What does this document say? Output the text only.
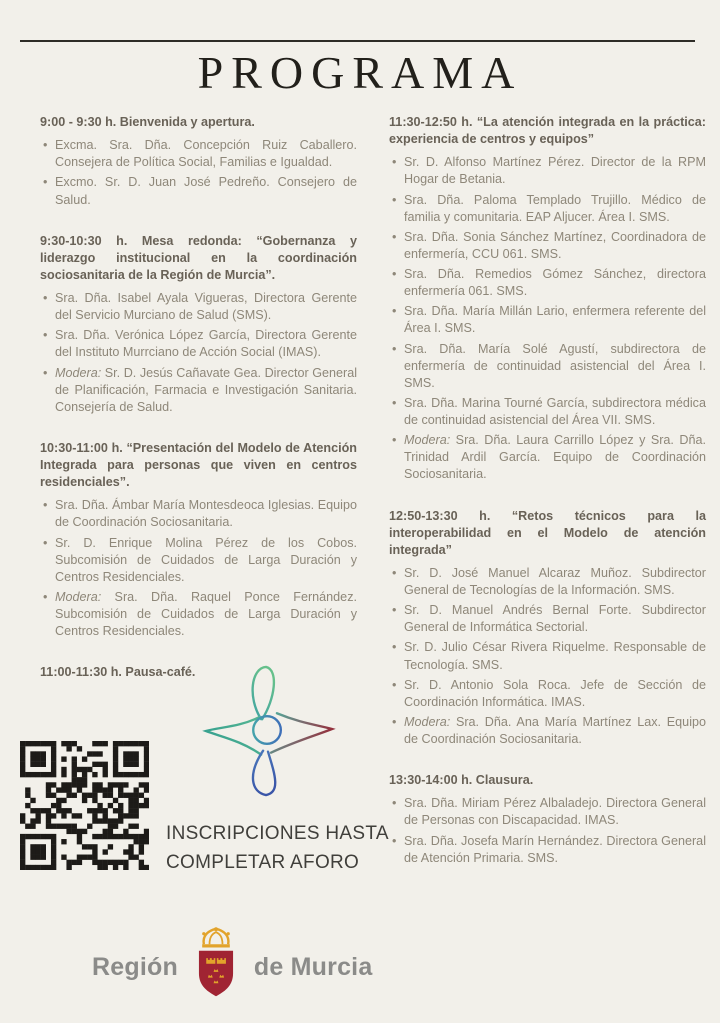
PROGRAMA
9:00 - 9:30 h. Bienvenida y apertura.
• Excma. Sra. Dña. Concepción Ruiz Caballero. Consejera de Política Social, Familias e Igualdad.
• Excmo. Sr. D. Juan José Pedreño. Consejero de Salud.
9:30-10:30 h. Mesa redonda: “Gobernanza y liderazgo institucional en la coordinación sociosanitaria de la Región de Murcia”.
• Sra. Dña. Isabel Ayala Vigueras, Directora Gerente del Servicio Murciano de Salud (SMS).
• Sra. Dña. Verónica López García, Directora Gerente del Instituto Murrciano de Acción Social (IMAS).
• Modera: Sr. D. Jesús Cañavate Gea. Director General de Planificación, Farmacia e Investigación Sanitaria. Consejería de Salud.
10:30-11:00 h. “Presentación del Modelo de Atención Integrada para personas que viven en centros residenciales”.
• Sra. Dña. Ámbar María Montesdeoca Iglesias. Equipo de Coordinación Sociosanitaria.
• Sr. D. Enrique Molina Pérez de los Cobos. Subcomisión de Cuidados de Larga Duración y Centros Residenciales.
• Modera: Sra. Dña. Raquel Ponce Fernández. Subcomisión de Cuidados de Larga Duración y Centros Residenciales.
11:00-11:30 h. Pausa-café.
11:30-12:50 h. “La atención integrada en la práctica: experiencia de centros y equipos”
• Sr. D. Alfonso Martínez Pérez. Director de la RPM Hogar de Betania.
• Sra. Dña. Paloma Templado Trujillo. Médico de familia y comunitaria. EAP Aljucer. Área I. SMS.
• Sra. Dña. Sonia Sánchez Martínez, Coordinadora de enfermería, CCU 061. SMS.
• Sra. Dña. Remedios Gómez Sánchez, directora enfermería 061. SMS.
• Sra. Dña. María Millán Lario, enfermera referente del Área I. SMS.
• Sra. Dña. María Solé Agustí, subdirectora de enfermería de continuidad asistencial del Área I. SMS.
• Sra. Dña. Marina Tourné García, subdirectora médica de continuidad asistencial del Área VII. SMS.
• Modera: Sra. Dña. Laura Carrillo López y Sra. Dña. Trinidad Ardil García. Equipo de Coordinación Sociosanitaria.
12:50-13:30 h. “Retos técnicos para la interoperabilidad en el Modelo de atención integrada”
• Sr. D. José Manuel Alcaraz Muñoz. Subdirector General de Tecnologías de la Información. SMS.
• Sr. D. Manuel Andrés Bernal Forte. Subdirector General de Informática Sectorial.
• Sr. D. Julio César Rivera Riquelme. Responsable de Tecnología. SMS.
• Sr. D. Antonio Sola Roca. Jefe de Sección de Coordinación Informática. IMAS.
• Modera: Sra. Dña. Ana María Martínez Lax. Equipo de Coordinación Sociosanitaria.
13:30-14:00 h. Clausura.
• Sra. Dña. Miriam Pérez Albaladejo. Directora General de Personas con Discapacidad. IMAS.
• Sra. Dña. Josefa Marín Hernández. Directora General de Atención Primaria. SMS.
INSCRIPCIONES HASTA
COMPLETAR AFORO
Región	de Murcia
